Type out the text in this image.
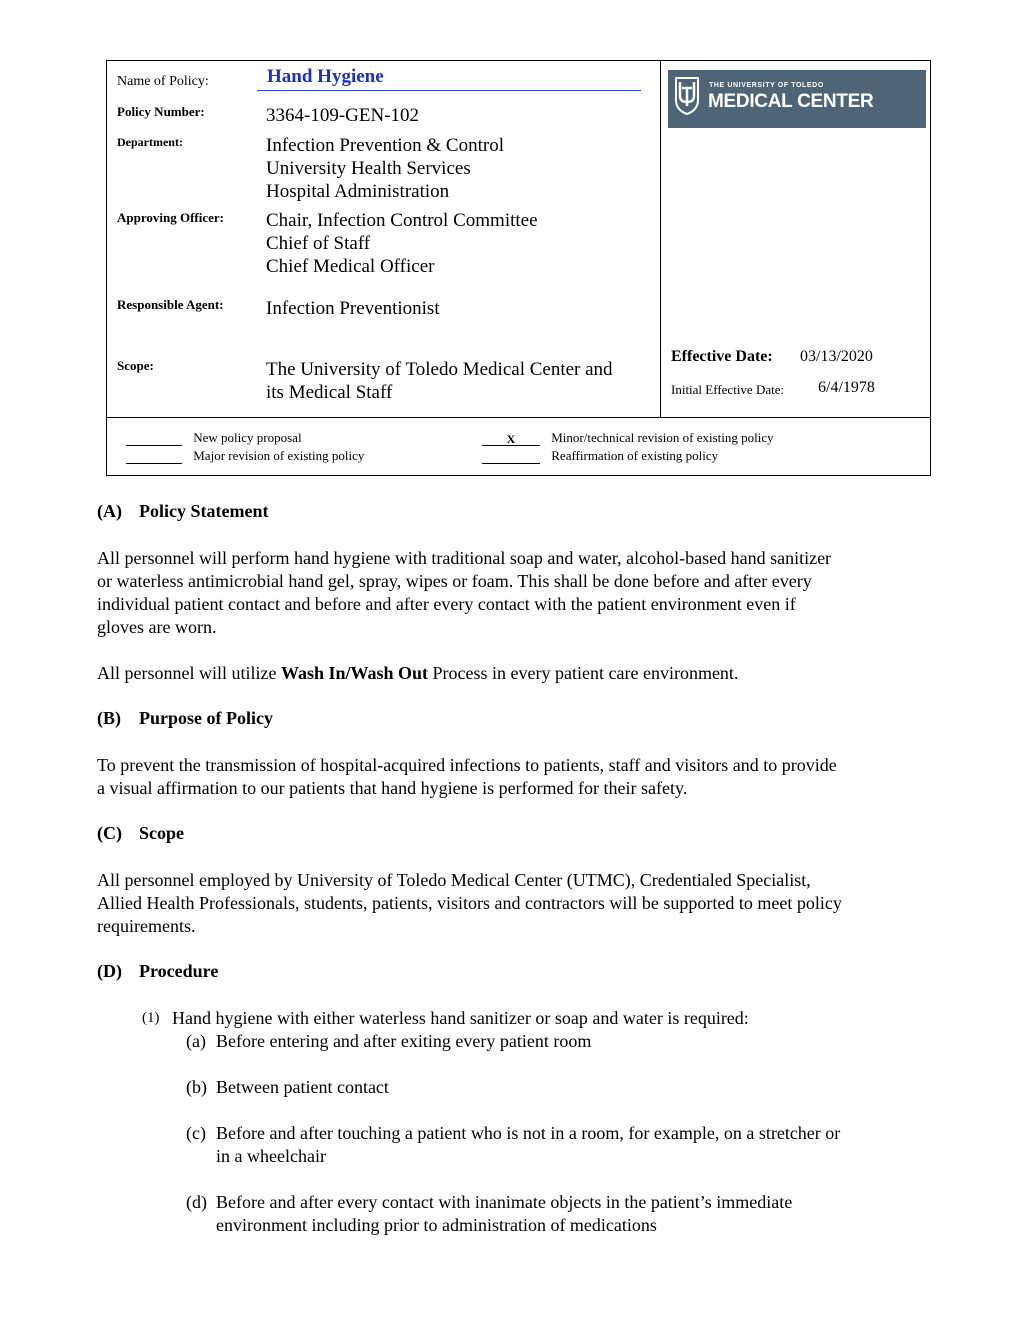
Name of Policy:	Hand Hygiene
Policy Number:	3364-109-GEN-102
Department:	Infection Prevention & Control
University Health Services
Hospital Administration
Approving Officer: Chair, Infection Control Committee
Chief of Staff
Chief Medical Officer
Responsible Agent: Infection Preventionist
Scope:	The University of Toledo Medical Center and
its Medical Staff
Effective Date: 03/13/2020
Initial Effective Date: 6/4/1978
THE UNIVERSITY OF TOLEDO
MEDICAL CENTER
New policy proposal	X	Minor/technical revision of existing policy
Major revision of existing policy	Reaffirmation of existing policy
(A) Policy Statement
All personnel will perform hand hygiene with traditional soap and water, alcohol-based hand sanitizer
or waterless antimicrobial hand gel, spray, wipes or foam. This shall be done before and after every
individual patient contact and before and after every contact with the patient environment even if
gloves are worn.
All personnel will utilize Wash In/Wash Out Process in every patient care environment.
(B) Purpose of Policy
To prevent the transmission of hospital-acquired infections to patients, staff and visitors and to provide
a visual affirmation to our patients that hand hygiene is performed for their safety.
(C) Scope
All personnel employed by University of Toledo Medical Center (UTMC), Credentialed Specialist,
Allied Health Professionals, students, patients, visitors and contractors will be supported to meet policy
requirements.
(D) Procedure
(1) Hand hygiene with either waterless hand sanitizer or soap and water is required:
(a) Before entering and after exiting every patient room
(b) Between patient contact
(c) Before and after touching a patient who is not in a room, for example, on a stretcher or
in a wheelchair
(d) Before and after every contact with inanimate objects in the patient’s immediate
environment including prior to administration of medications
